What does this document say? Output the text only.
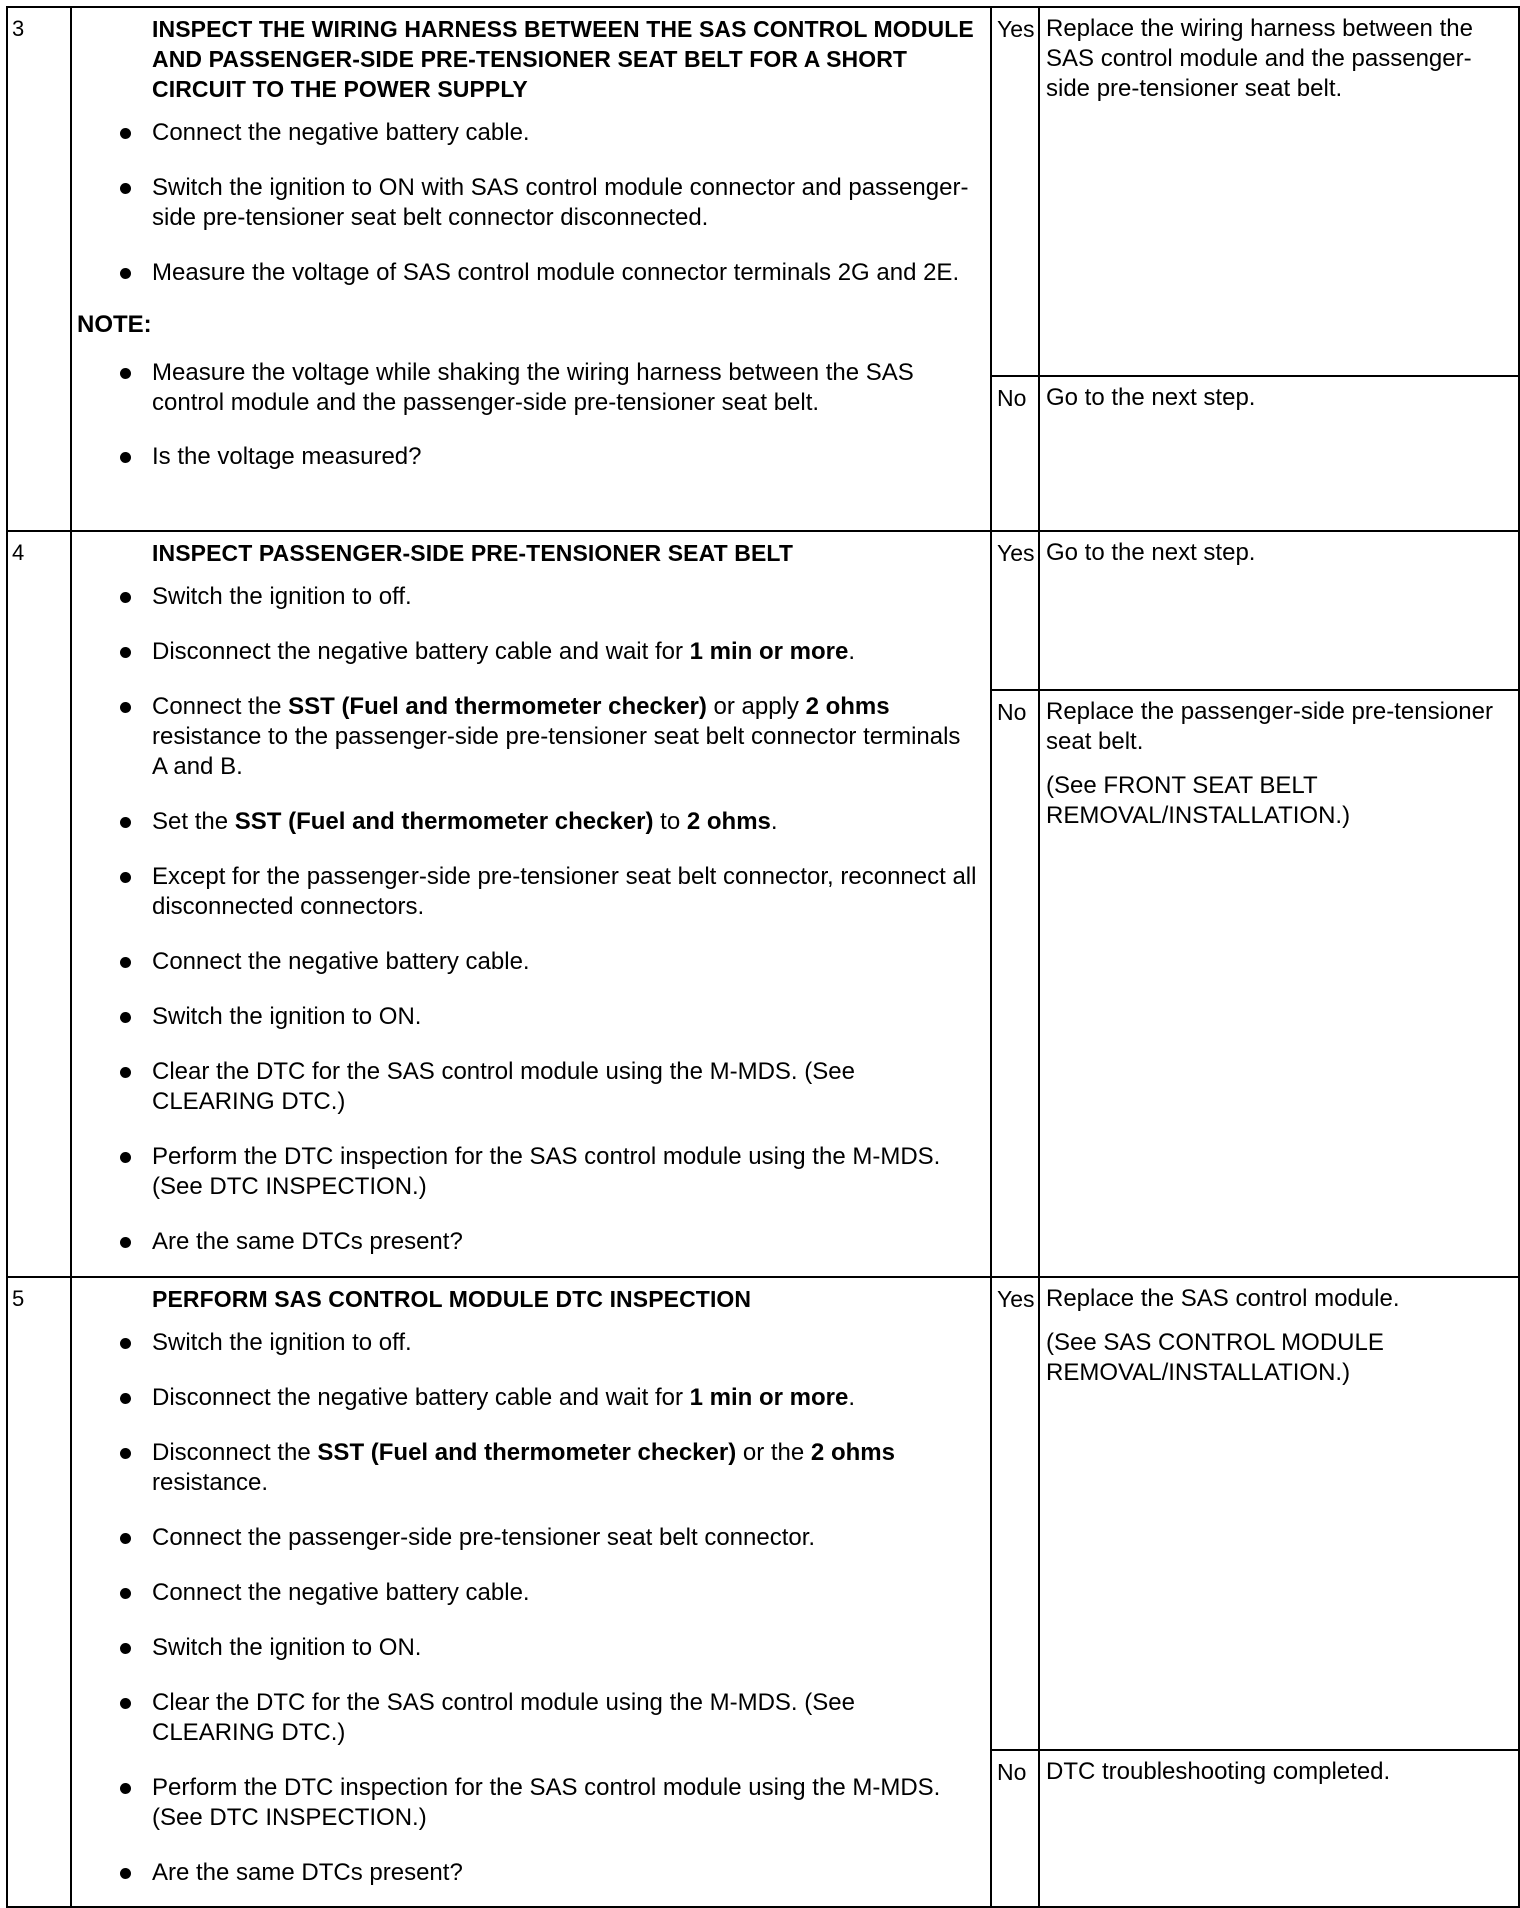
3	INSPECT THE WIRING HARNESS BETWEEN THE SAS CONTROL MODULE AND PASSENGER-SIDE PRE-TENSIONER SEAT BELT FOR A SHORT CIRCUIT TO THE POWER SUPPLY
Connect the negative battery cable.
Switch the ignition to ON with SAS control module connector and passenger-side pre-tensioner seat belt connector disconnected.
Measure the voltage of SAS control module connector terminals 2G and 2E.
NOTE:
Measure the voltage while shaking the wiring harness between the SAS control module and the passenger-side pre-tensioner seat belt.
Is the voltage measured?

Yes	Replace the wiring harness between the SAS control module and the passenger-side pre-tensioner seat belt.

No	Go to the next step.

4	INSPECT PASSENGER-SIDE PRE-TENSIONER SEAT BELT
Switch the ignition to off.
Disconnect the negative battery cable and wait for 1 min or more.
Connect the SST (Fuel and thermometer checker) or apply 2 ohms resistance to the passenger-side pre-tensioner seat belt connector terminals A and B.
Set the SST (Fuel and thermometer checker) to 2 ohms.
Except for the passenger-side pre-tensioner seat belt connector, reconnect all disconnected connectors.
Connect the negative battery cable.
Switch the ignition to ON.
Clear the DTC for the SAS control module using the M-MDS. (See CLEARING DTC.)
Perform the DTC inspection for the SAS control module using the M-MDS. (See DTC INSPECTION.)
Are the same DTCs present?

Yes	Go to the next step.

No	Replace the passenger-side pre-tensioner seat belt.

(See FRONT SEAT BELT REMOVAL/INSTALLATION.)

5	PERFORM SAS CONTROL MODULE DTC INSPECTION
Switch the ignition to off.
Disconnect the negative battery cable and wait for 1 min or more.
Disconnect the SST (Fuel and thermometer checker) or the 2 ohms resistance.
Connect the passenger-side pre-tensioner seat belt connector.
Connect the negative battery cable.
Switch the ignition to ON.
Clear the DTC for the SAS control module using the M-MDS. (See CLEARING DTC.)
Perform the DTC inspection for the SAS control module using the M-MDS. (See DTC INSPECTION.)
Are the same DTCs present?

Yes	Replace the SAS control module.

(See SAS CONTROL MODULE REMOVAL/INSTALLATION.)

No	DTC troubleshooting completed.
